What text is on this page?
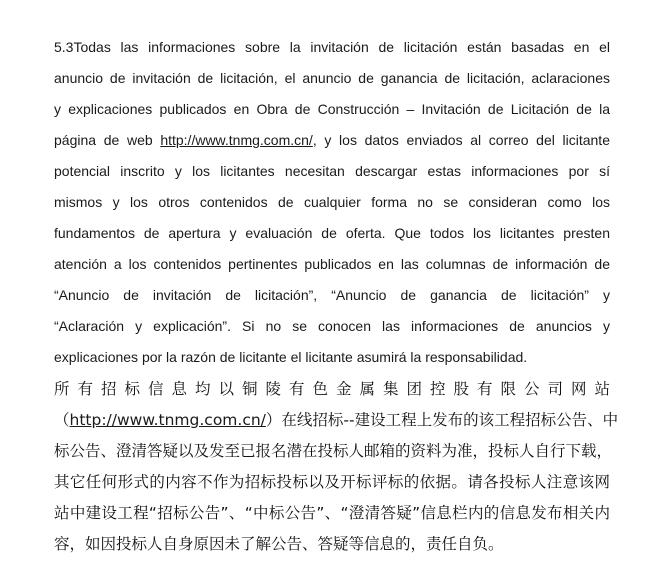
5.3Todas las informaciones sobre la invitación de licitación están basadas en el
anuncio de invitación de licitación, el anuncio de ganancia de licitación, aclaraciones
y explicaciones publicados en Obra de Construcción – Invitación de Licitación de la
página de web http://www.tnmg.com.cn/, y los datos enviados al correo del licitante
potencial inscrito y los licitantes necesitan descargar estas informaciones por sí
mismos y los otros contenidos de cualquier forma no se consideran como los
fundamentos de apertura y evaluación de oferta. Que todos los licitantes presten
atención a los contenidos pertinentes publicados en las columnas de información de
“Anuncio de invitación de licitación”, “Anuncio de ganancia de licitación” y
“Aclaración y explicación”. Si no se conocen las informaciones de anuncios y
explicaciones por la razón de licitante el licitante asumirá la responsabilidad.
所有招标信息均以铜陵有色金属集团控股有限公司网站
（http://www.tnmg.com.cn/）在线招标--建设工程上发布的该工程招标公告、中
标公告、澄清答疑以及发至已报名潜在投标人邮箱的资料为准，投标人自行下载，
其它任何形式的内容不作为招标投标以及开标评标的依据。请各投标人注意该网
站中建设工程“招标公告”、“中标公告”、“澄清答疑”信息栏内的信息发布相关内
容，如因投标人自身原因未了解公告、答疑等信息的，责任自负。
